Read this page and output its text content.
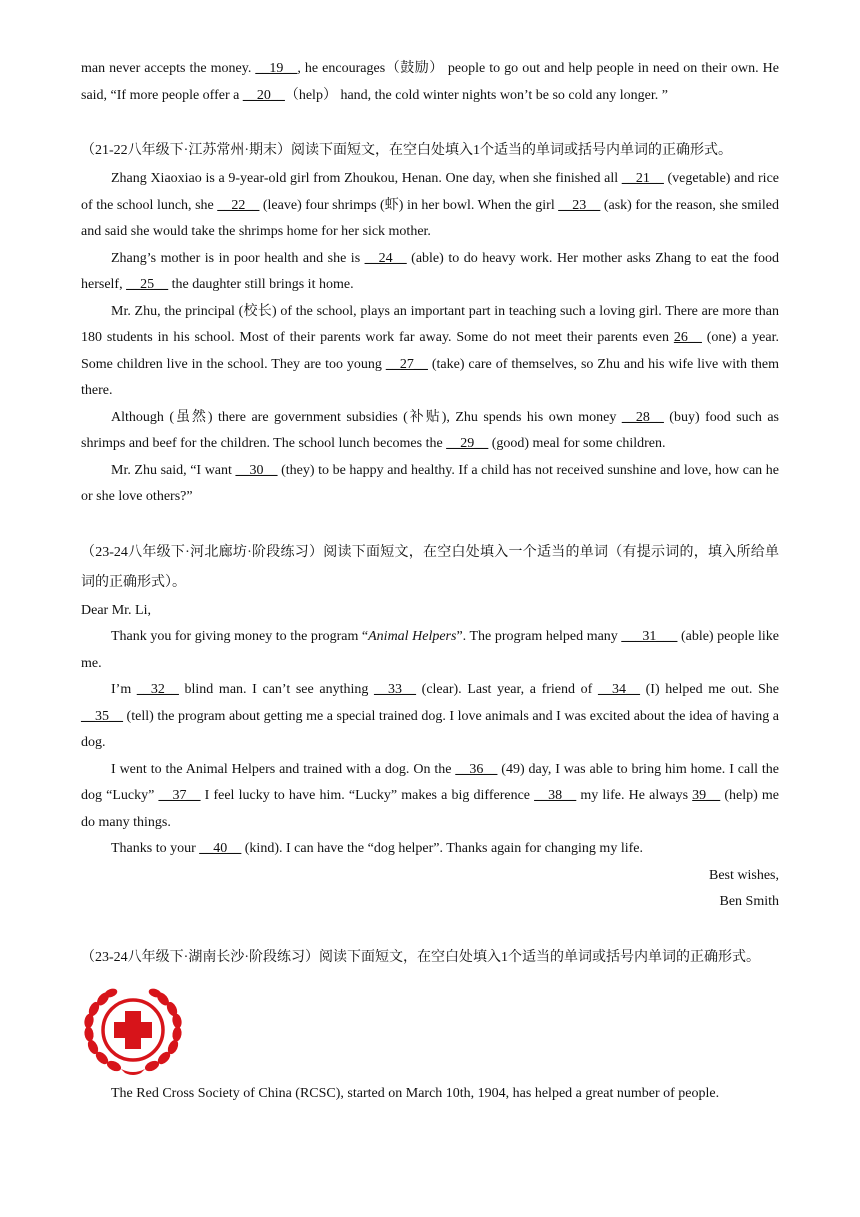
man never accepts the money. __19__, he encourages（鼓励） people to go out and help people in need on their own. He said, “If more people offer a __20__（help） hand, the cold winter nights won’t be so cold any longer. ”

（21-22八年级下·江苏常州·期末）阅读下面短文，在空白处填入1个适当的单词或括号内单词的正确形式。

Zhang Xiaoxiao is a 9-year-old girl from Zhoukou, Henan. One day, when she finished all __21__ (vegetable) and rice of the school lunch, she __22__ (leave) four shrimps (虾) in her bowl. When the girl __23__ (ask) for the reason, she smiled and said she would take the shrimps home for her sick mother.

Zhang’s mother is in poor health and she is __24__ (able) to do heavy work. Her mother asks Zhang to eat the food herself, __25__ the daughter still brings it home.

Mr. Zhu, the principal (校长) of the school, plays an important part in teaching such a loving girl. There are more than 180 students in his school. Most of their parents work far away. Some do not meet their parents even 26__ (one) a year. Some children live in the school. They are too young __27__ (take) care of themselves, so Zhu and his wife live with them there.

Although (虽然) there are government subsidies (补贴), Zhu spends his own money __28__ (buy) food such as shrimps and beef for the children. The school lunch becomes the __29__ (good) meal for some children.

Mr. Zhu said, “I want __30__ (they) to be happy and healthy. If a child has not received sunshine and love, how can he or she love others?”

（23-24八年级下·河北廊坊·阶段练习）阅读下面短文，在空白处填入一个适当的单词（有提示词的，填入所给单词的正确形式）。

Dear Mr. Li,

Thank you for giving money to the program “Animal Helpers”. The program helped many ___31___ (able) people like me.

I’m __32__ blind man. I can’t see anything __33__ (clear). Last year, a friend of __34__ (I) helped me out. She __35__ (tell) the program about getting me a special trained dog. I love animals and I was excited about the idea of having a dog.

I went to the Animal Helpers and trained with a dog. On the __36__ (49) day, I was able to bring him home. I call the dog “Lucky” __37__ I feel lucky to have him. “Lucky” makes a big difference __38__ my life. He always 39__ (help) me do many things.

Thanks to your __40__ (kind). I can have the “dog helper”. Thanks again for changing my life.

Best wishes,

Ben Smith

（23-24八年级下·湖南长沙·阶段练习）阅读下面短文，在空白处填入1个适当的单词或括号内单词的正确形式。

The Red Cross Society of China (RCSC), started on March 10th, 1904, has helped a great number of people.
